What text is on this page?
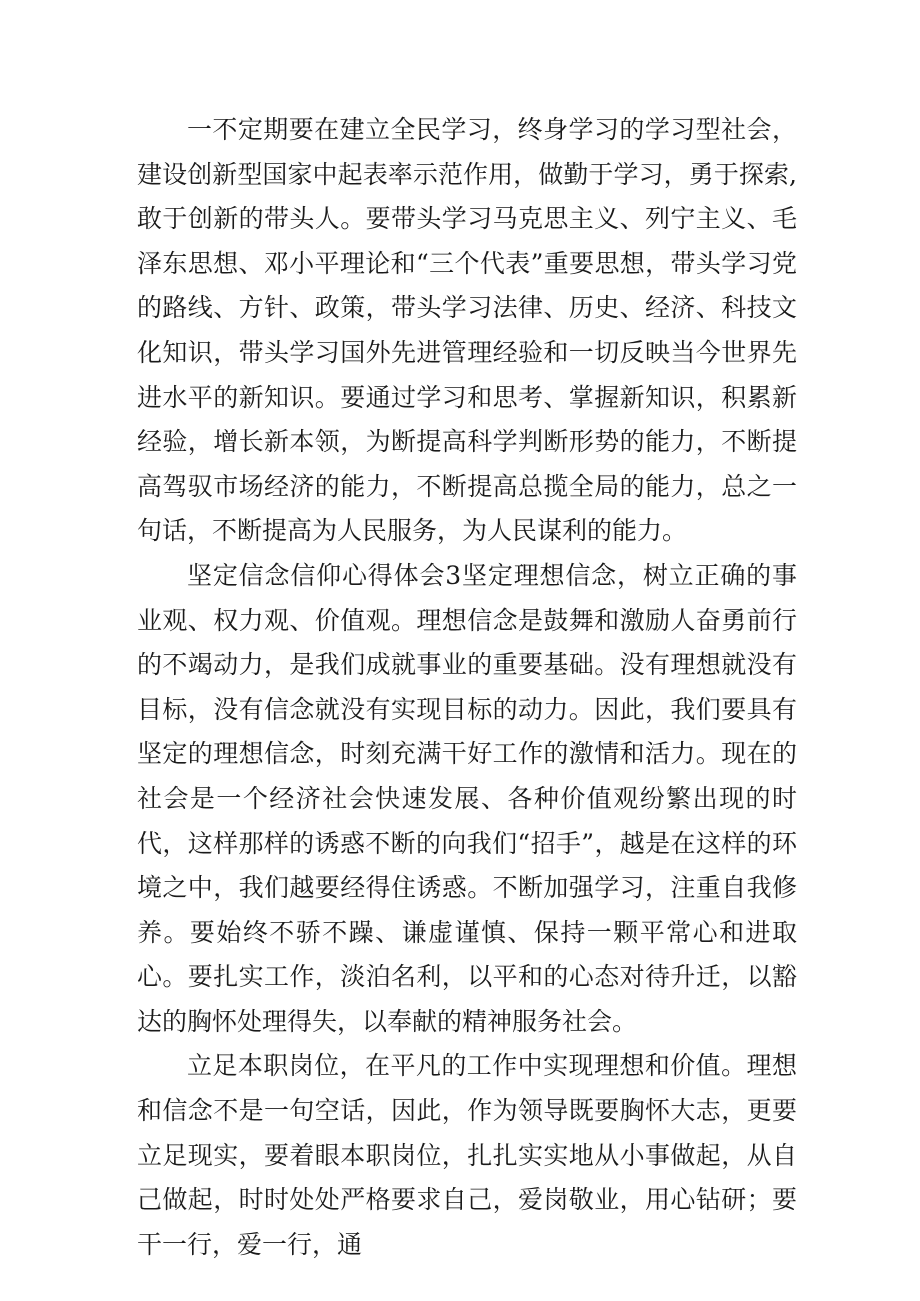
一不定期要在建立全民学习，终身学习的学习型社会，建设创新型国家中起表率示范作用，做勤于学习，勇于探索,敢于创新的带头人。要带头学习马克思主义、列宁主义、毛泽东思想、邓小平理论和“三个代表”重要思想，带头学习党的路线、方针、政策，带头学习法律、历史、经济、科技文化知识，带头学习国外先进管理经验和一切反映当今世界先进水平的新知识。要通过学习和思考、掌握新知识，积累新经验，增长新本领，为断提高科学判断形势的能力，不断提高驾驭市场经济的能力，不断提高总揽全局的能力，总之一句话，不断提高为人民服务，为人民谋利的能力。

坚定信念信仰心得体会3坚定理想信念，树立正确的事业观、权力观、价值观。理想信念是鼓舞和激励人奋勇前行的不竭动力，是我们成就事业的重要基础。没有理想就没有目标，没有信念就没有实现目标的动力。因此，我们要具有坚定的理想信念，时刻充满干好工作的激情和活力。现在的社会是一个经济社会快速发展、各种价值观纷繁出现的时代，这样那样的诱惑不断的向我们“招手”，越是在这样的环境之中，我们越要经得住诱惑。不断加强学习，注重自我修养。要始终不骄不躁、谦虚谨慎、保持一颗平常心和进取心。要扎实工作，淡泊名利，以平和的心态对待升迁，以豁达的胸怀处理得失，以奉献的精神服务社会。

立足本职岗位，在平凡的工作中实现理想和价值。理想和信念不是一句空话，因此，作为领导既要胸怀大志，更要立足现实，要着眼本职岗位，扎扎实实地从小事做起，从自己做起，时时处处严格要求自己，爱岗敬业，用心钻研；要干一行，爱一行，通
